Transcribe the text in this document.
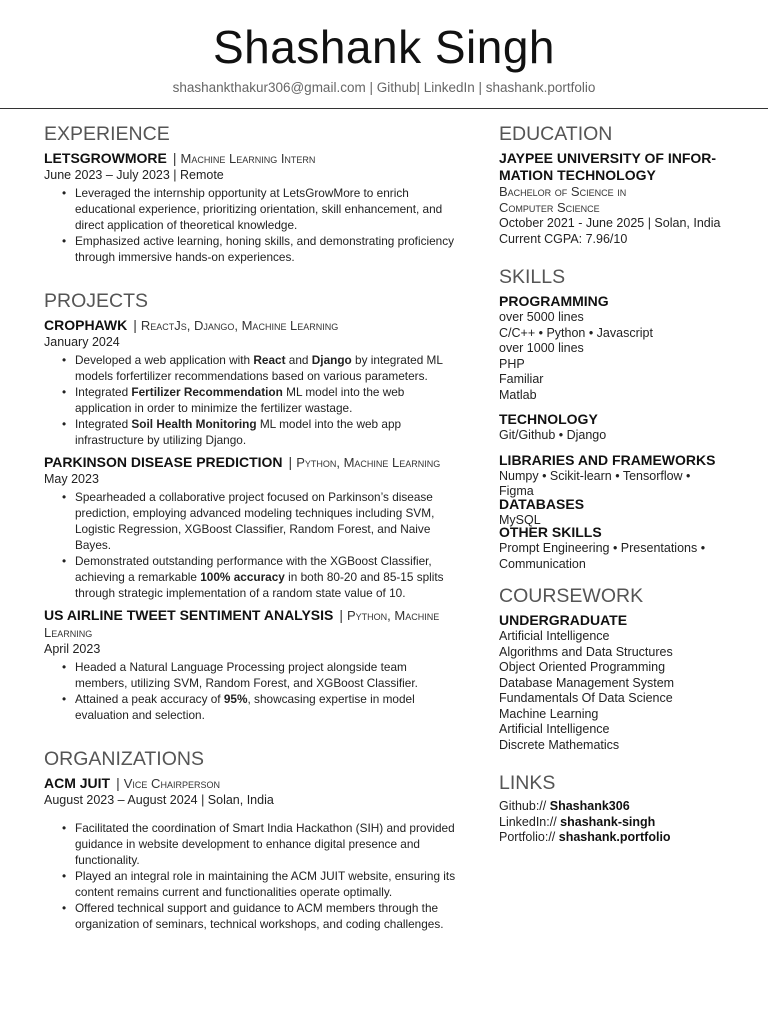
Shashank Singh
shashankthakur306@gmail.com | Github| LinkedIn | shashank.portfolio
EXPERIENCE
LETSGROWMORE | Machine Learning Intern
June 2023 – July 2023 | Remote
• Leveraged the internship opportunity at LetsGrowMore to enrich educational experience, prioritizing orientation, skill enhancement, and direct application of theoretical knowledge.
• Emphasized active learning, honing skills, and demonstrating proficiency through immersive hands-on experiences.
PROJECTS
CROPHAWK | ReactJs, Django, Machine Learning
January 2024
• Developed a web application with React and Django by integrated ML models forfertilizer recommendations based on various parameters.
• Integrated Fertilizer Recommendation ML model into the web application in order to minimize the fertilizer wastage.
• Integrated Soil Health Monitoring ML model into the web app infrastructure by utilizing Django.
PARKINSON DISEASE PREDICTION | Python, Machine Learning
May 2023
• Spearheaded a collaborative project focused on Parkinson’s disease prediction, employing advanced modeling techniques including SVM, Logistic Regression, XGBoost Classifier, Random Forest, and Naive Bayes.
• Demonstrated outstanding performance with the XGBoost Classifier, achieving a remarkable 100% accuracy in both 80-20 and 85-15 splits through strategic implementation of a random state value of 10.
US AIRLINE TWEET SENTIMENT ANALYSIS | Python, Machine Learning
April 2023
• Headed a Natural Language Processing project alongside team members, utilizing SVM, Random Forest, and XGBoost Classifier.
• Attained a peak accuracy of 95%, showcasing expertise in model evaluation and selection.
ORGANIZATIONS
ACM JUIT | Vice Chairperson
August 2023 – August 2024 | Solan, India
• Facilitated the coordination of Smart India Hackathon (SIH) and provided guidance in website development to enhance digital presence and functionality.
• Played an integral role in maintaining the ACM JUIT website, ensuring its content remains current and functionalities operate optimally.
• Offered technical support and guidance to ACM members through the organization of seminars, technical workshops, and coding challenges.
EDUCATION
JAYPEE UNIVERSITY OF INFOR-
MATION TECHNOLOGY
Bachelor of Science in
Computer Science
October 2021 - June 2025 | Solan, India
Current CGPA: 7.96/10
SKILLS
PROGRAMMING
over 5000 lines
C/C++ • Python • Javascript
over 1000 lines
PHP
Familiar
Matlab
TECHNOLOGY
Git/Github • Django
LIBRARIES AND FRAMEWORKS
Numpy • Scikit-learn • Tensorflow •
Figma
DATABASES
MySQL
OTHER SKILLS
Prompt Engineering • Presentations •
Communication
COURSEWORK
UNDERGRADUATE
Artificial Intelligence
Algorithms and Data Structures
Object Oriented Programming
Database Management System
Fundamentals Of Data Science
Machine Learning
Artificial Intelligence
Discrete Mathematics
LINKS
Github:// Shashank306
LinkedIn:// shashank-singh
Portfolio:// shashank.portfolio
